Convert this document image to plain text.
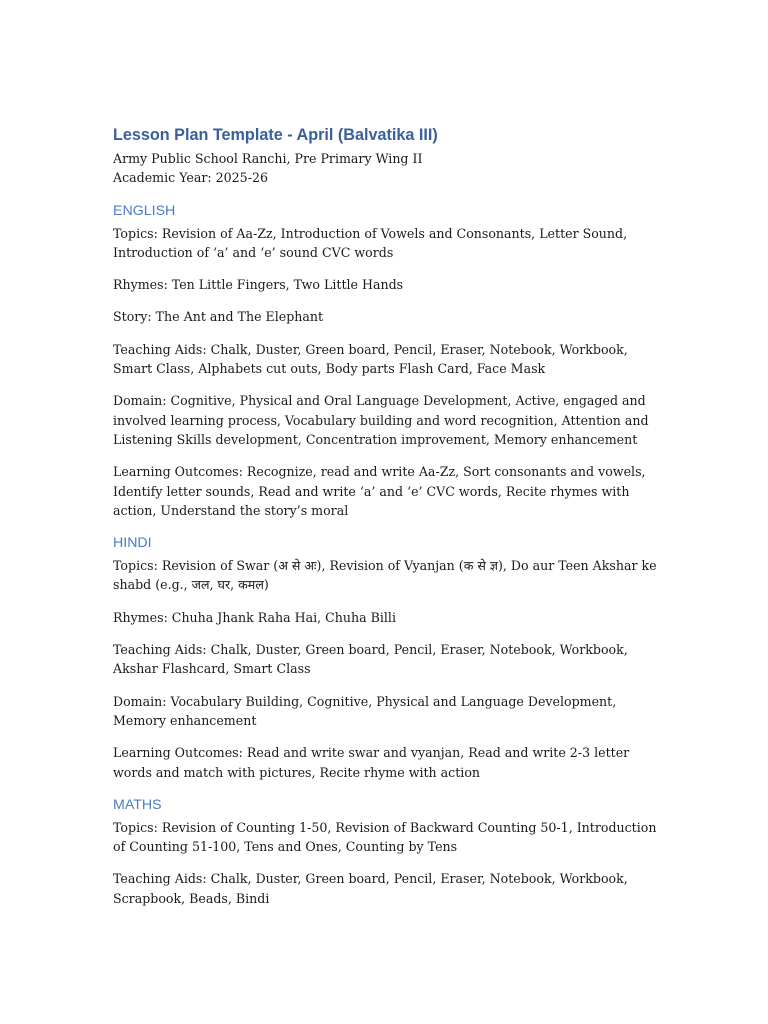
Lesson Plan Template - April (Balvatika III)

Army Public School Ranchi, Pre Primary Wing II

Academic Year: 2025-26

ENGLISH

Topics: Revision of Aa-Zz, Introduction of Vowels and Consonants, Letter Sound, Introduction of ‘a’ and ‘e’ sound CVC words

Rhymes: Ten Little Fingers, Two Little Hands

Story: The Ant and The Elephant

Teaching Aids: Chalk, Duster, Green board, Pencil, Eraser, Notebook, Workbook, Smart Class, Alphabets cut outs, Body parts Flash Card, Face Mask

Domain: Cognitive, Physical and Oral Language Development, Active, engaged and involved learning process, Vocabulary building and word recognition, Attention and Listening Skills development, Concentration improvement, Memory enhancement

Learning Outcomes: Recognize, read and write Aa-Zz, Sort consonants and vowels, Identify letter sounds, Read and write ‘a’ and ‘e’ CVC words, Recite rhymes with action, Understand the story’s moral

HINDI

Topics: Revision of Swar (अ से अः), Revision of Vyanjan (क से ज्ञ), Do aur Teen Akshar ke shabd (e.g., जल, घर, कमल)

Rhymes: Chuha Jhank Raha Hai, Chuha Billi

Teaching Aids: Chalk, Duster, Green board, Pencil, Eraser, Notebook, Workbook, Akshar Flashcard, Smart Class

Domain: Vocabulary Building, Cognitive, Physical and Language Development, Memory enhancement

Learning Outcomes: Read and write swar and vyanjan, Read and write 2-3 letter words and match with pictures, Recite rhyme with action

MATHS

Topics: Revision of Counting 1-50, Revision of Backward Counting 50-1, Introduction of Counting 51-100, Tens and Ones, Counting by Tens

Teaching Aids: Chalk, Duster, Green board, Pencil, Eraser, Notebook, Workbook, Scrapbook, Beads, Bindi
